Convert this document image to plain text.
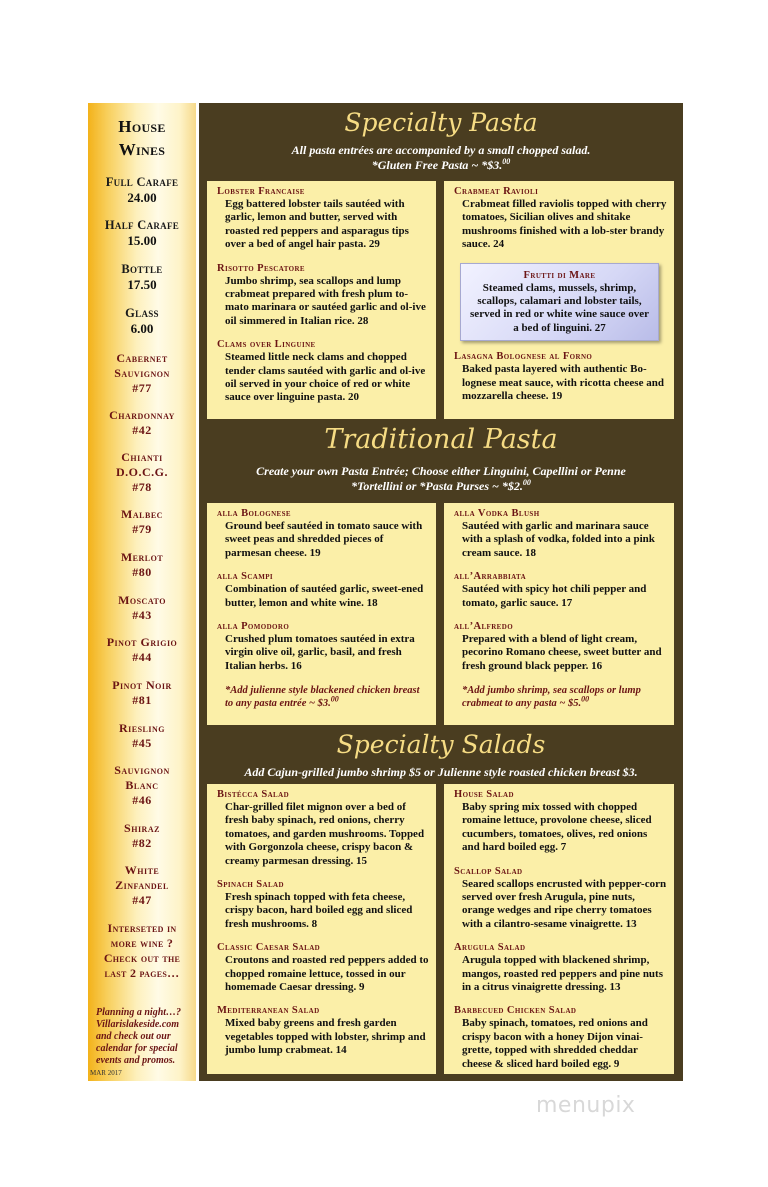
House
Wines
Full Carafe
24.00
Half Carafe
15.00
Bottle
17.50
Glass
6.00
Cabernet
Sauvignon
#77
Chardonnay
#42
Chianti
D.O.C.G.
#78
Malbec
#79
Merlot
#80
Moscato
#43
Pinot Grigio
#44
Pinot Noir
#81
Riesling
#45
Sauvignon
Blanc
#46
Shiraz
#82
White
Zinfandel
#47
Interseted in
more wine ?
Check out the
last 2 pages…
Planning a night…?
Villarislakeside.com
and check out our
calendar for special
events and promos.
MAR 2017
Specialty Pasta
All pasta entrées are accompanied by a small chopped salad.
*Gluten Free Pasta ~ *$3.00
Lobster Francaise
Egg battered lobster tails sautéed with garlic, lemon and butter, served with roasted red peppers and asparagus tips over a bed of angel hair pasta. 29
Risotto Pescatore
Jumbo shrimp, sea scallops and lump crabmeat prepared with fresh plum to-mato marinara or sautéed garlic and ol-ive oil simmered in Italian rice. 28
Clams over Linguine
Steamed little neck clams and chopped tender clams sautéed with garlic and ol-ive oil served in your choice of red or white sauce over linguine pasta. 20
Crabmeat Ravioli
Crabmeat filled raviolis topped with cherry tomatoes, Sicilian olives and shitake mushrooms finished with a lob-ster brandy sauce. 24
Frutti di Mare
Steamed clams, mussels, shrimp, scallops, calamari and lobster tails, served in red or white wine sauce over a bed of linguini. 27
Lasagna Bolognese al Forno
Baked pasta layered with authentic Bo-lognese meat sauce, with ricotta cheese and mozzarella cheese. 19
Traditional Pasta
Create your own Pasta Entrée; Choose either Linguini, Capellini or Penne
*Tortellini or *Pasta Purses ~ *$2.00
alla Bolognese
Ground beef sautéed in tomato sauce with sweet peas and shredded pieces of parmesan cheese. 19
alla Scampi
Combination of sautéed garlic, sweet-ened butter, lemon and white wine. 18
alla Pomodoro
Crushed plum tomatoes sautéed in extra virgin olive oil, garlic, basil, and fresh Italian herbs. 16
*Add julienne style blackened chicken breast to any pasta entrée ~ $3.00
alla Vodka Blush
Sautéed with garlic and marinara sauce with a splash of vodka, folded into a pink cream sauce. 18
all’Arrabbiata
Sautéed with spicy hot chili pepper and tomato, garlic sauce. 17
all’Alfredo
Prepared with a blend of light cream, pecorino Romano cheese, sweet butter and fresh ground black pepper. 16
*Add jumbo shrimp, sea scallops or lump crabmeat to any pasta ~ $5.00
Specialty Salads
Add Cajun-grilled jumbo shrimp $5 or Julienne style roasted chicken breast $3.
Bistécca Salad
Char-grilled filet mignon over a bed of fresh baby spinach, red onions, cherry tomatoes, and garden mushrooms. Topped with Gorgonzola cheese, crispy bacon & creamy parmesan dressing. 15
Spinach Salad
Fresh spinach topped with feta cheese, crispy bacon, hard boiled egg and sliced fresh mushrooms. 8
Classic Caesar Salad
Croutons and roasted red peppers added to chopped romaine lettuce, tossed in our homemade Caesar dressing. 9
Mediterranean Salad
Mixed baby greens and fresh garden vegetables topped with lobster, shrimp and jumbo lump crabmeat. 14
House Salad
Baby spring mix tossed with chopped romaine lettuce, provolone cheese, sliced cucumbers, tomatoes, olives, red onions and hard boiled egg. 7
Scallop Salad
Seared scallops encrusted with pepper-corn served over fresh Arugula, pine nuts, orange wedges and ripe cherry tomatoes with a cilantro-sesame vinaigrette. 13
Arugula Salad
Arugula topped with blackened shrimp, mangos, roasted red peppers and pine nuts in a citrus vinaigrette dressing. 13
Barbecued Chicken Salad
Baby spinach, tomatoes, red onions and crispy bacon with a honey Dijon vinai-grette, topped with shredded cheddar cheese & sliced hard boiled egg. 9
menupix
